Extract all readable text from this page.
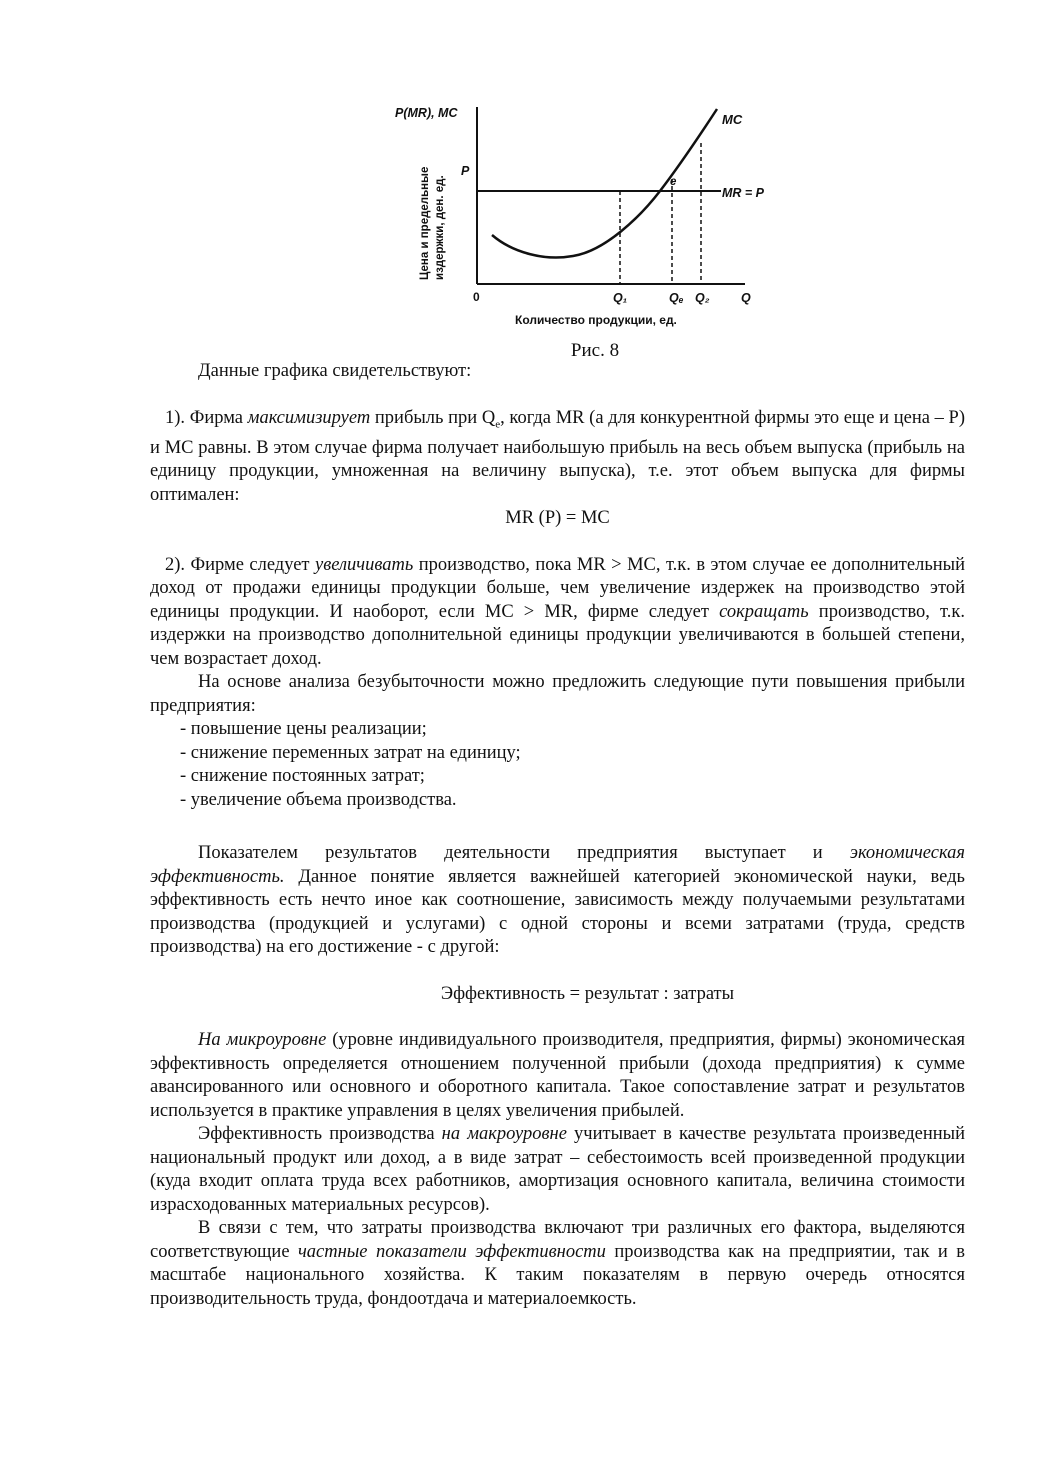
P(MR), MC
Цена и предельные издержки, ден. ед.
P
0	Q₁	Qₑ Q₂	Q
Количество продукции, ед.
MC
MR = P
e
Рис. 8

Данные графика свидетельствуют:

1). Фирма максимизирует прибыль при $Q_e$, когда MR (а для конкурентной фирмы это еще и цена – Р) и МС равны. В этом случае фирма получает наибольшую прибыль на весь объем выпуска (прибыль на единицу продукции, умноженная на величину выпуска), т.е. этот объем выпуска для фирмы оптимален:

MR (P) = MC

2). Фирме следует увеличивать производство, пока MR > MC, т.к. в этом случае ее дополнительный доход от продажи единицы продукции больше, чем увеличение издержек на производство этой единицы продукции. И наоборот, если MC > MR, фирме следует сокращать производство, т.к. издержки на производство дополнительной единицы продукции увеличиваются в большей степени, чем возрастает доход.

На основе анализа безубыточности можно предложить следующие пути повышения прибыли предприятия:

- повышение цены реализации;
- снижение переменных затрат на единицу;
- снижение постоянных затрат;
- увеличение объема производства.

Показателем результатов деятельности предприятия выступает и экономическая эффективность. Данное понятие является важнейшей категорией экономической науки, ведь эффективность есть нечто иное как соотношение, зависимость между получаемыми результатами производства (продукцией и услугами) с одной стороны и всеми затратами (труда, средств производства) на его достижение - с другой:

Эффективность = результат : затраты

На микроуровне (уровне индивидуального производителя, предприятия, фирмы) экономическая эффективность определяется отношением полученной прибыли (дохода предприятия) к сумме авансированного или основного и оборотного капитала. Такое сопоставление затрат и результатов используется в практике управления в целях увеличения прибылей.

Эффективность производства на макроуровне учитывает в качестве результата произведенный национальный продукт или доход, а в виде затрат – себестоимость всей произведенной продукции (куда входит оплата труда всех работников, амортизация основного капитала, величина стоимости израсходованных материальных ресурсов).

В связи с тем, что затраты производства включают три различных его фактора, выделяются соответствующие частные показатели эффективности производства как на предприятии, так и в масштабе национального хозяйства. К таким показателям в первую очередь относятся производительность труда, фондоотдача и материалоемкость.
